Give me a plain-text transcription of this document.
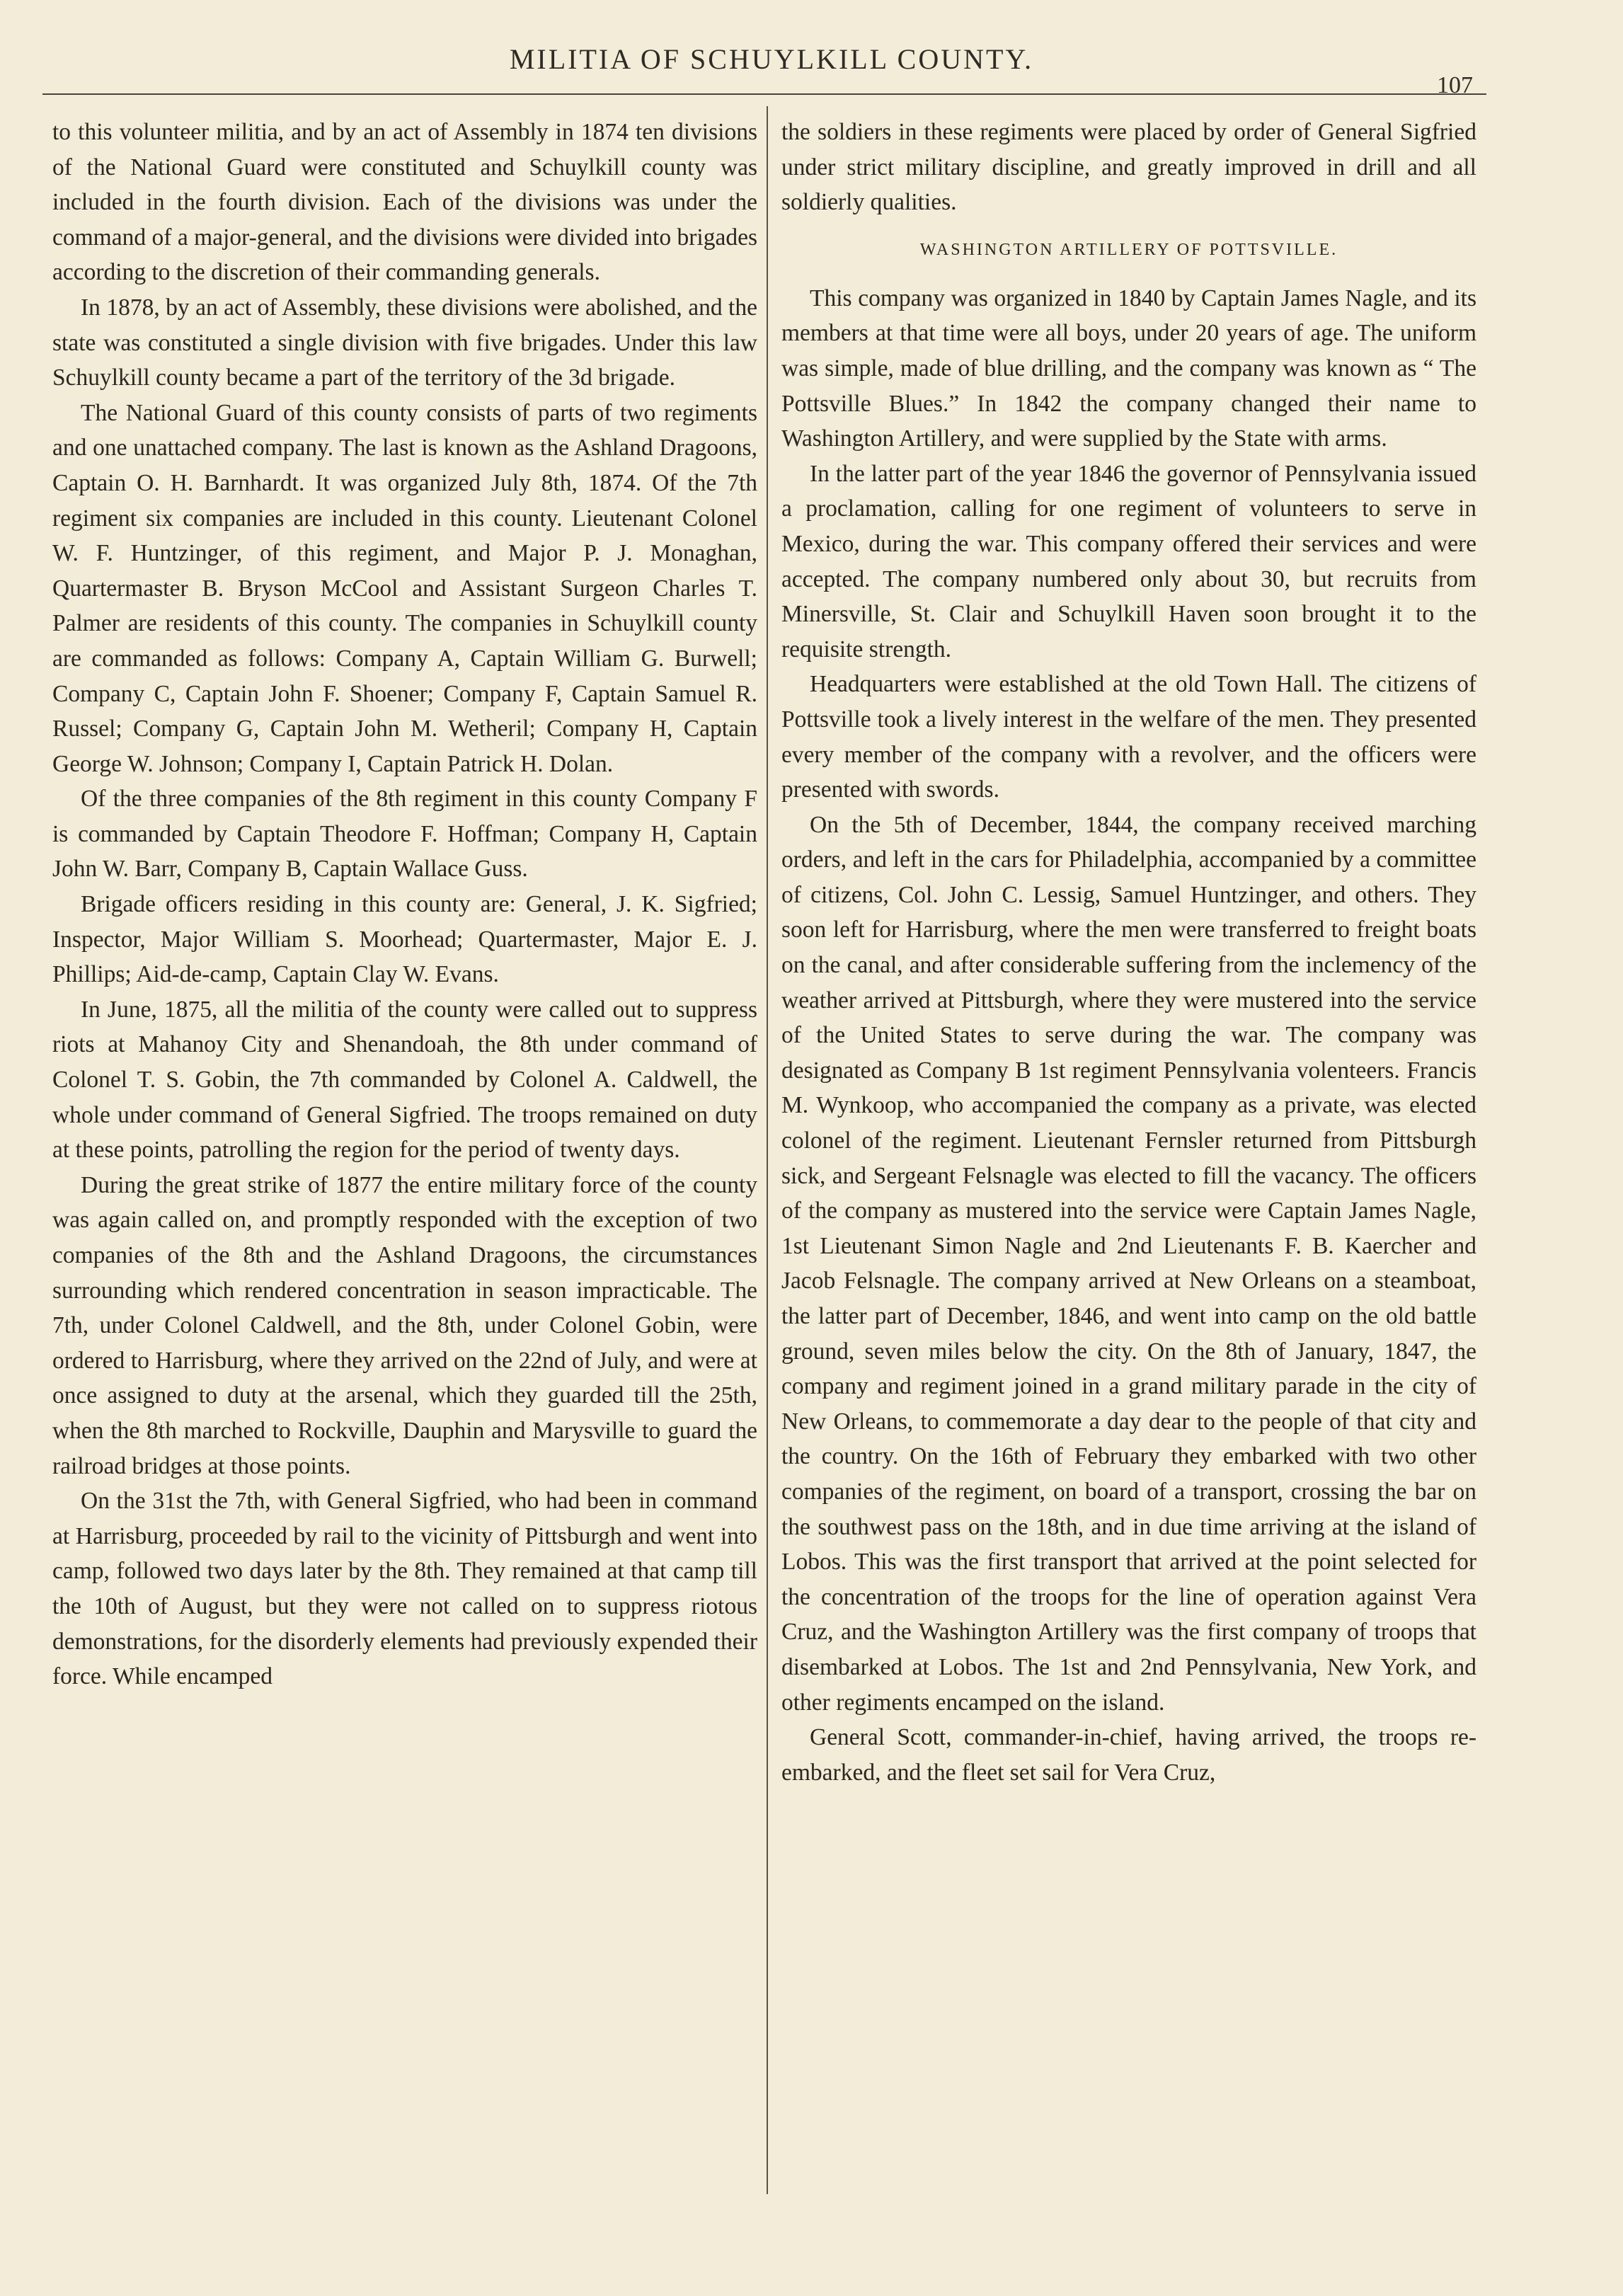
MILITIA OF SCHUYLKILL COUNTY.
107

to this volunteer militia, and by an act of Assembly in 1874 ten divisions of the National Guard were constituted and Schuylkill county was included in the fourth division. Each of the divisions was under the command of a major-general, and the divisions were divided into brigades according to the discretion of their commanding generals.

In 1878, by an act of Assembly, these divisions were abolished, and the state was constituted a single division with five brigades. Under this law Schuylkill county became a part of the territory of the 3d brigade.

The National Guard of this county consists of parts of two regiments and one unattached company. The last is known as the Ashland Dragoons, Captain O. H. Barnhardt. It was organized July 8th, 1874. Of the 7th regiment six companies are included in this county. Lieutenant Colonel W. F. Huntzinger, of this regiment, and Major P. J. Monaghan, Quartermaster B. Bryson McCool and Assistant Surgeon Charles T. Palmer are residents of this county. The companies in Schuylkill county are commanded as follows: Company A, Captain William G. Burwell; Company C, Captain John F. Shoener; Company F, Captain Samuel R. Russel; Company G, Captain John M. Wetheril; Company H, Captain George W. Johnson; Company I, Captain Patrick H. Dolan.

Of the three companies of the 8th regiment in this county Company F is commanded by Captain Theodore F. Hoffman; Company H, Captain John W. Barr, Company B, Captain Wallace Guss.

Brigade officers residing in this county are: General, J. K. Sigfried; Inspector, Major William S. Moorhead; Quartermaster, Major E. J. Phillips; Aid-de-camp, Captain Clay W. Evans.

In June, 1875, all the militia of the county were called out to suppress riots at Mahanoy City and Shenandoah, the 8th under command of Colonel T. S. Gobin, the 7th commanded by Colonel A. Caldwell, the whole under command of General Sigfried. The troops remained on duty at these points, patrolling the region for the period of twenty days.

During the great strike of 1877 the entire military force of the county was again called on, and promptly responded with the exception of two companies of the 8th and the Ashland Dragoons, the circumstances surrounding which rendered concentration in season impracticable. The 7th, under Colonel Caldwell, and the 8th, under Colonel Gobin, were ordered to Harrisburg, where they arrived on the 22nd of July, and were at once assigned to duty at the arsenal, which they guarded till the 25th, when the 8th marched to Rockville, Dauphin and Marysville to guard the railroad bridges at those points.

On the 31st the 7th, with General Sigfried, who had been in command at Harrisburg, proceeded by rail to the vicinity of Pittsburgh and went into camp, followed two days later by the 8th. They remained at that camp till the 10th of August, but they were not called on to suppress riotous demonstrations, for the disorderly elements had previously expended their force. While encamped

the soldiers in these regiments were placed by order of General Sigfried under strict military discipline, and greatly improved in drill and all soldierly qualities.

WASHINGTON ARTILLERY OF POTTSVILLE.

This company was organized in 1840 by Captain James Nagle, and its members at that time were all boys, under 20 years of age. The uniform was simple, made of blue drilling, and the company was known as “ The Pottsville Blues.” In 1842 the company changed their name to Washington Artillery, and were supplied by the State with arms.

In the latter part of the year 1846 the governor of Pennsylvania issued a proclamation, calling for one regiment of volunteers to serve in Mexico, during the war. This company offered their services and were accepted. The company numbered only about 30, but recruits from Minersville, St. Clair and Schuylkill Haven soon brought it to the requisite strength.

Headquarters were established at the old Town Hall. The citizens of Pottsville took a lively interest in the welfare of the men. They presented every member of the company with a revolver, and the officers were presented with swords.

On the 5th of December, 1844, the company received marching orders, and left in the cars for Philadelphia, accompanied by a committee of citizens, Col. John C. Lessig, Samuel Huntzinger, and others. They soon left for Harrisburg, where the men were transferred to freight boats on the canal, and after considerable suffering from the inclemency of the weather arrived at Pittsburgh, where they were mustered into the service of the United States to serve during the war. The company was designated as Company B 1st regiment Pennsylvania volenteers. Francis M. Wynkoop, who accompanied the company as a private, was elected colonel of the regiment. Lieutenant Fernsler returned from Pittsburgh sick, and Sergeant Felsnagle was elected to fill the vacancy. The officers of the company as mustered into the service were Captain James Nagle, 1st Lieutenant Simon Nagle and 2nd Lieutenants F. B. Kaercher and Jacob Felsnagle. The company arrived at New Orleans on a steamboat, the latter part of December, 1846, and went into camp on the old battle ground, seven miles below the city. On the 8th of January, 1847, the company and regiment joined in a grand military parade in the city of New Orleans, to commemorate a day dear to the people of that city and the country. On the 16th of February they embarked with two other companies of the regiment, on board of a transport, crossing the bar on the southwest pass on the 18th, and in due time arriving at the island of Lobos. This was the first transport that arrived at the point selected for the concentration of the troops for the line of operation against Vera Cruz, and the Washington Artillery was the first company of troops that disembarked at Lobos. The 1st and 2nd Pennsylvania, New York, and other regiments encamped on the island.

General Scott, commander-in-chief, having arrived, the troops re-embarked, and the fleet set sail for Vera Cruz,
